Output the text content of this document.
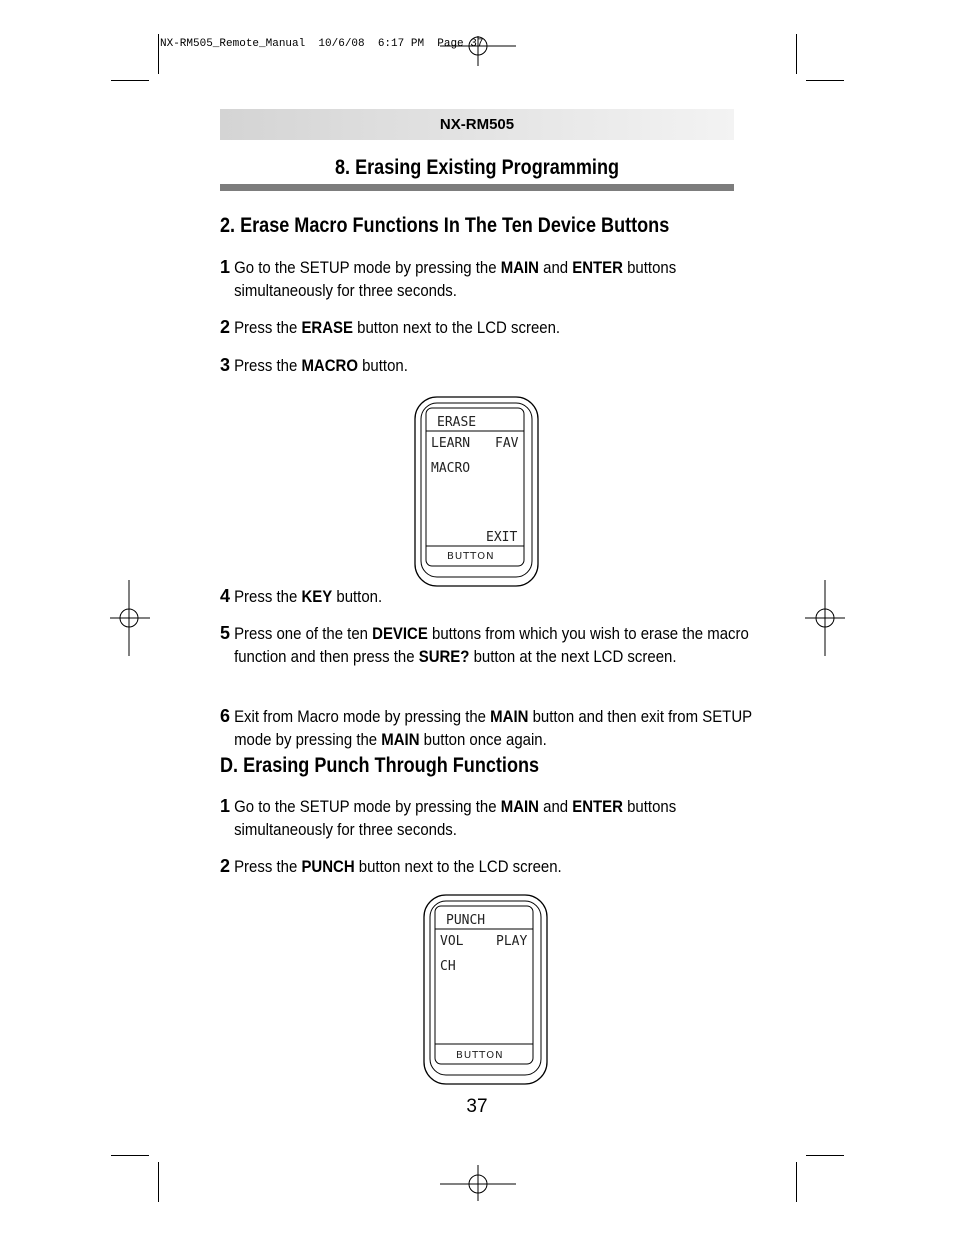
NX-RM505_Remote_Manual  10/6/08  6:17 PM  Page 37
NX-RM505
8. Erasing Existing Programming
2. Erase Macro Functions In The Ten Device Buttons
1 Go to the SETUP mode by pressing the MAIN and ENTER buttons simultaneously for three seconds.
2 Press the ERASE button next to the LCD screen.
3 Press the MACRO button.
ERASE
LEARN FAV
MACRO
EXIT
BUTTON
4 Press the KEY button.
5 Press one of the ten DEVICE buttons from which you wish to erase the macro function and then press the SURE? button at the next LCD screen.
6 Exit from Macro mode by pressing the MAIN button and then exit from SETUP mode by pressing the MAIN button once again.
D. Erasing Punch Through Functions
1 Go to the SETUP mode by pressing the MAIN and ENTER buttons simultaneously for three seconds.
2 Press the PUNCH button next to the LCD screen.
PUNCH
VOL	PLAY
CH
BUTTON
37
